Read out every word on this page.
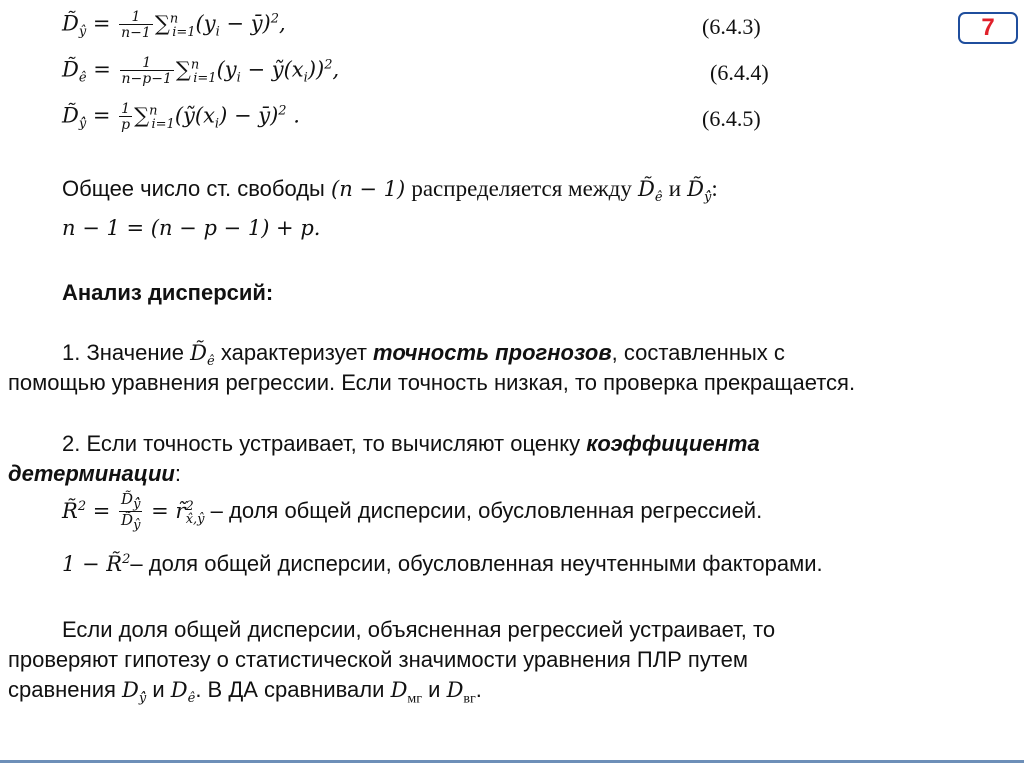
7
$D̃_ŷ = \frac{1}{n-1} \sum^n_{i=1}(y_i$ − ȳ)$^2$,	(6.4.3)
$D̃_ê = \frac{1}{n-p-1} \sum^n_{i=1}(y_i$ − $ỹ(x_i))^2$,	(6.4.4)
$D̃_{ŷ̂} = \frac{1}{p}$ $\sum^n_{i=1}(ỹ(x_i)$ − ȳ)$^2$ .	(6.4.5)
Общее число ст. свободы (n − 1) распределяется между $D̃_ê$ и $D̃_{ŷ̂}$:
n − 1 = (n − p − 1) + p.
Анализ дисперсий:
1. Значение $D̃_ê$ характеризует точность прогнозов, составленных с
помощью уравнения регрессии. Если точность низкая, то проверка прекращается.
2. Если точность устраивает, то вычисляют оценку коэффициента
детерминации:
R̃$^2$ = $\frac{D̃_{ŷ̂}}{D̃_ŷ}$ = r̃$^2_{x̂,ŷ}$ – доля общей дисперсии, обусловленная регрессией.
1 − R̃$^2$– доля общей дисперсии, обусловленная неучтенными факторами.
Если доля общей дисперсии, объясненная регрессией устраивает, то
проверяют гипотезу о статистической значимости уравнения ПЛР путем
сравнения $D_{ŷ̂}$ и $D_ê$. В ДА сравнивали $D_{мг}$ и $D_{вг}$.
